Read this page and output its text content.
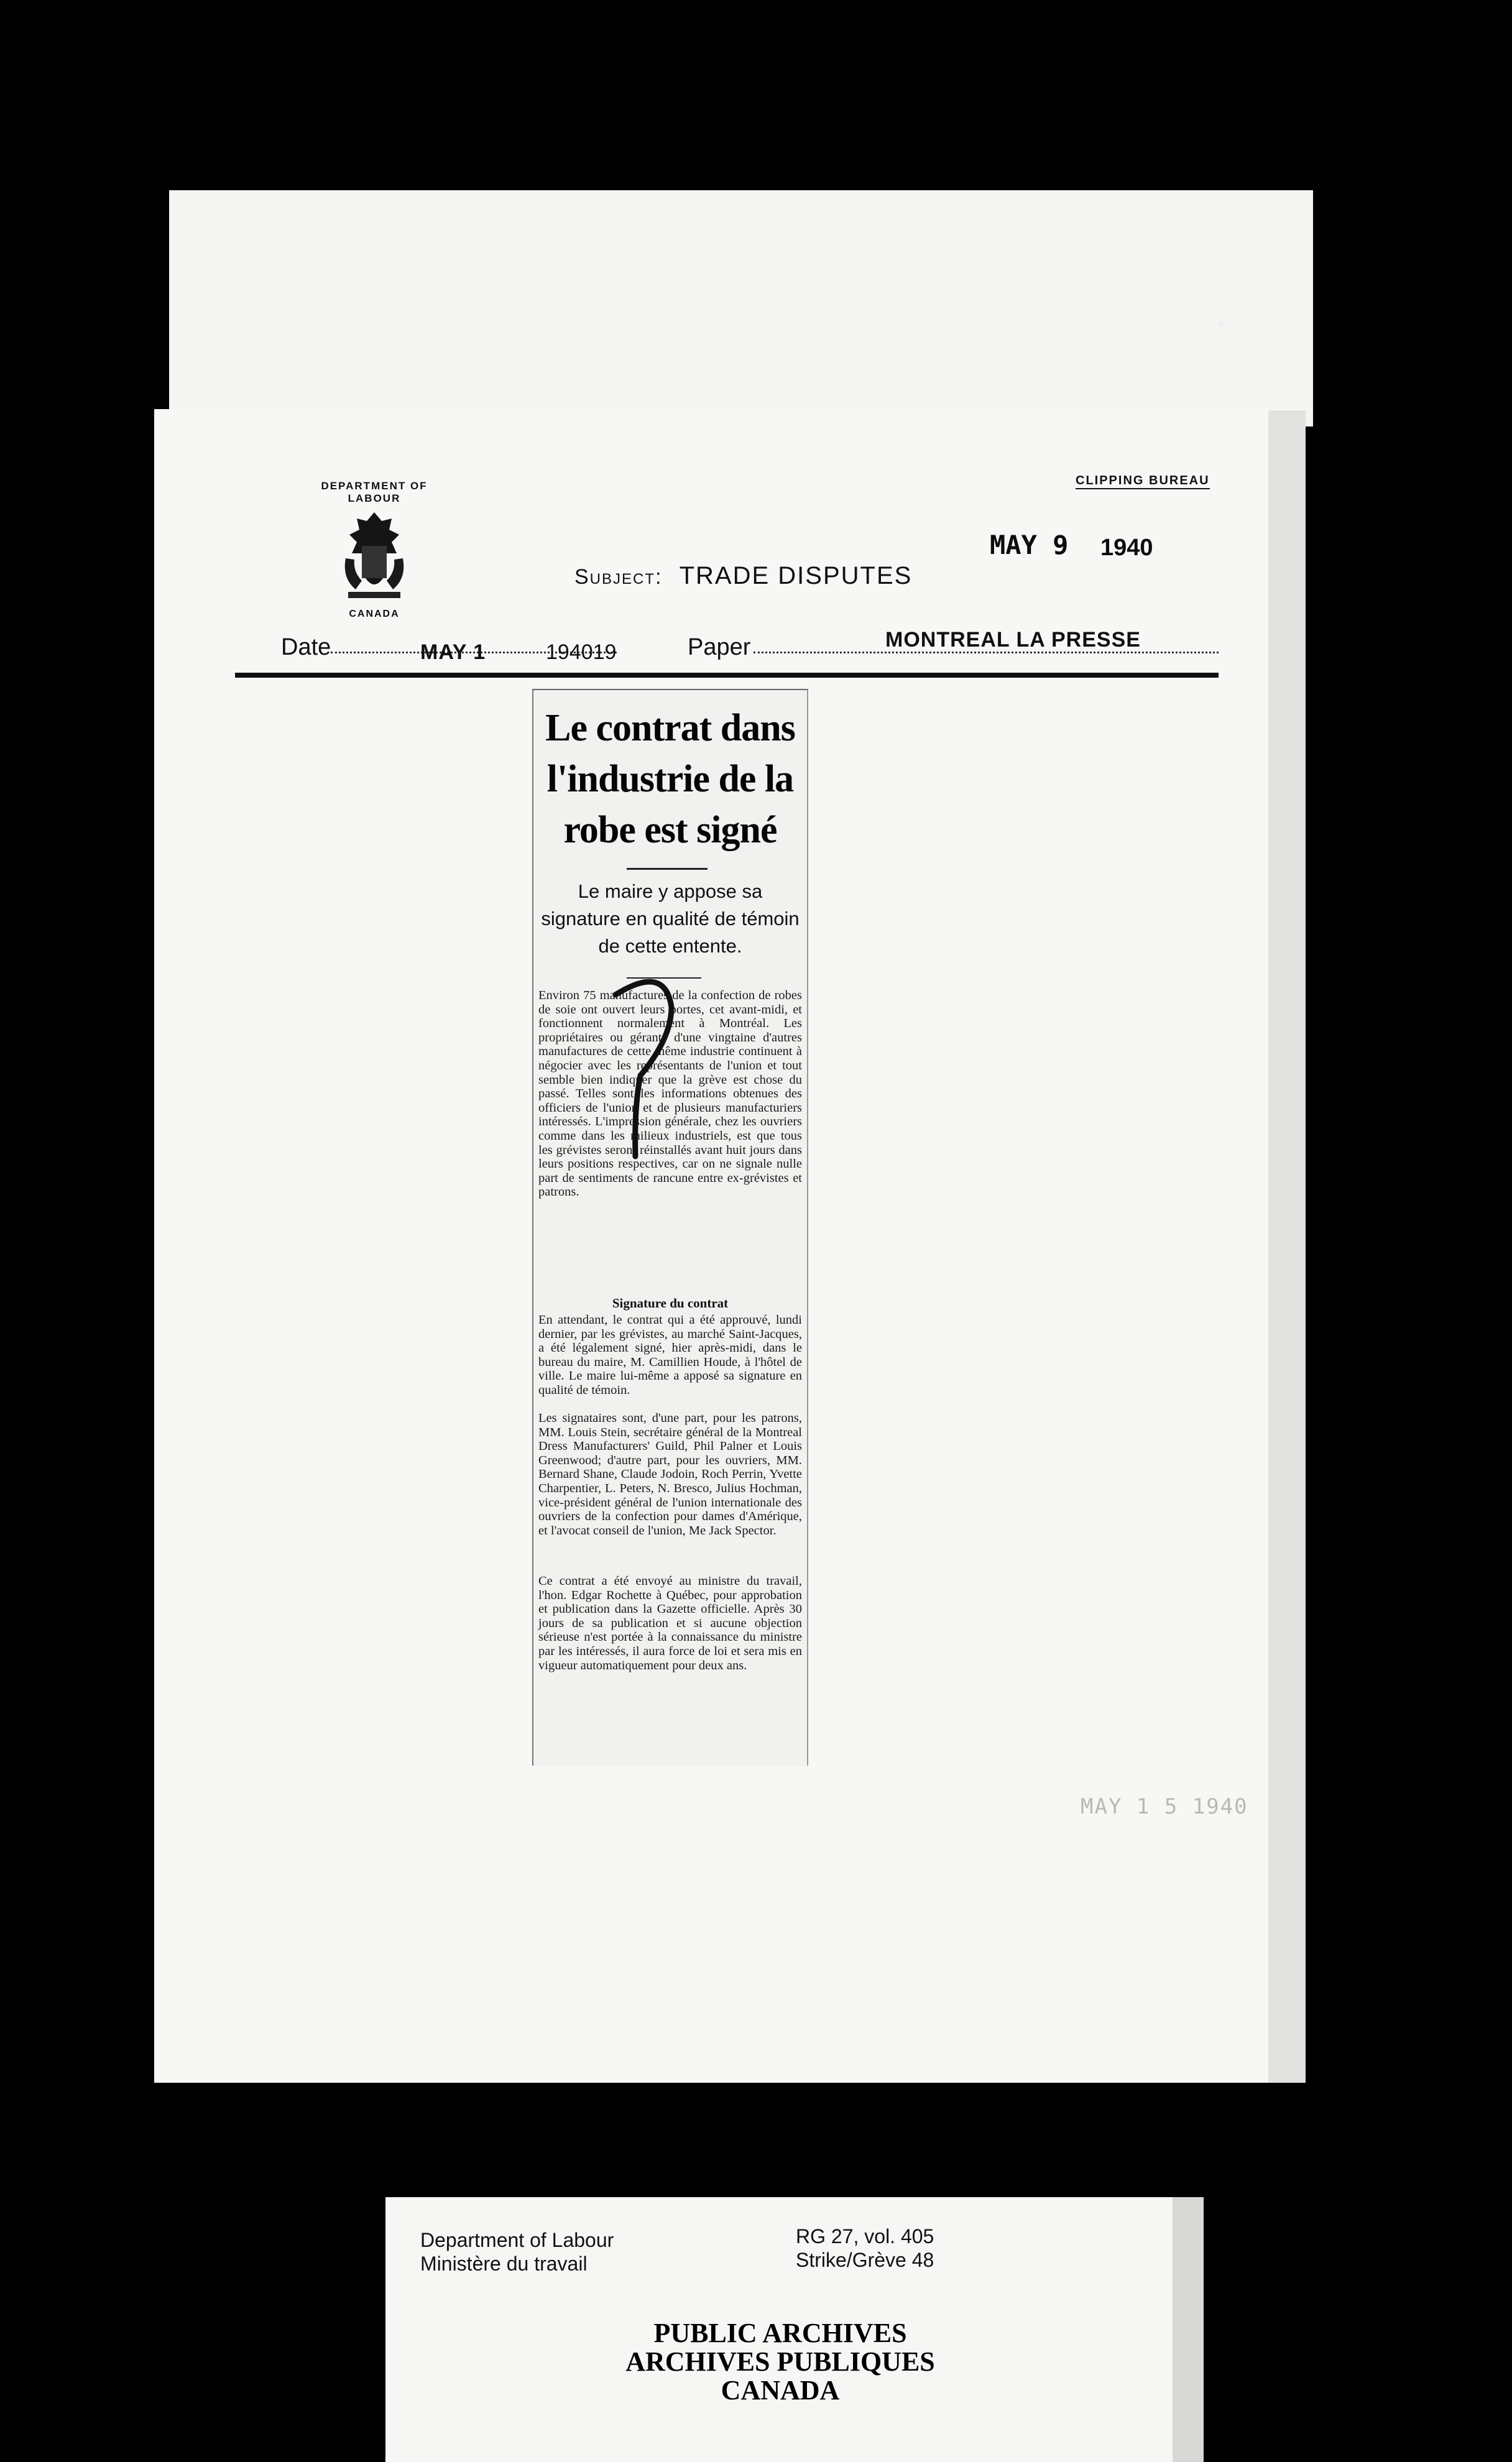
✶
DEPARTMENT OF
LABOUR
CANADA
CLIPPING BUREAU
MAY 9 1940
Subject: TRADE DISPUTES
Date	MAY 1	194019	Paper	MONTREAL LA PRESSE
Le contrat dans l'industrie de la robe est signé
Le maire y appose sa signature en qualité de témoin de cette entente.
Environ 75 manufactures de la confection de robes de soie ont ouvert leurs portes, cet avant-midi, et fonctionnent normalement à Montréal. Les propriétaires ou gérants d'une vingtaine d'autres manufactures de cette même industrie continuent à négocier avec les représentants de l'union et tout semble bien indiquer que la grève est chose du passé. Telles sont les informations obtenues des officiers de l'union et de plusieurs manufacturiers intéressés. L'impression générale, chez les ouvriers comme dans les milieux industriels, est que tous les grévistes seront réinstallés avant huit jours dans leurs positions respectives, car on ne signale nulle part de sentiments de rancune entre ex-grévistes et patrons.
Signature du contrat
En attendant, le contrat qui a été approuvé, lundi dernier, par les grévistes, au marché Saint-Jacques, a été légalement signé, hier après-midi, dans le bureau du maire, M. Camillien Houde, à l'hôtel de ville. Le maire lui-même a apposé sa signature en qualité de témoin.
Les signataires sont, d'une part, pour les patrons, MM. Louis Stein, secrétaire général de la Montreal Dress Manufacturers' Guild, Phil Palner et Louis Greenwood; d'autre part, pour les ouvriers, MM. Bernard Shane, Claude Jodoin, Roch Perrin, Yvette Charpentier, L. Peters, N. Bresco, Julius Hochman, vice-président général de l'union internationale des ouvriers de la confection pour dames d'Amérique, et l'avocat conseil de l'union, Me Jack Spector.
Ce contrat a été envoyé au ministre du travail, l'hon. Edgar Rochette à Québec, pour approbation et publication dans la Gazette officielle. Après 30 jours de sa publication et si aucune objection sérieuse n'est portée à la connaissance du ministre par les intéressés, il aura force de loi et sera mis en vigueur automatiquement pour deux ans.
MAY 1 5 1940
Department of Labour
Ministère du travail
RG 27, vol. 405
Strike/Grève 48
PUBLIC ARCHIVES
ARCHIVES PUBLIQUES
CANADA
